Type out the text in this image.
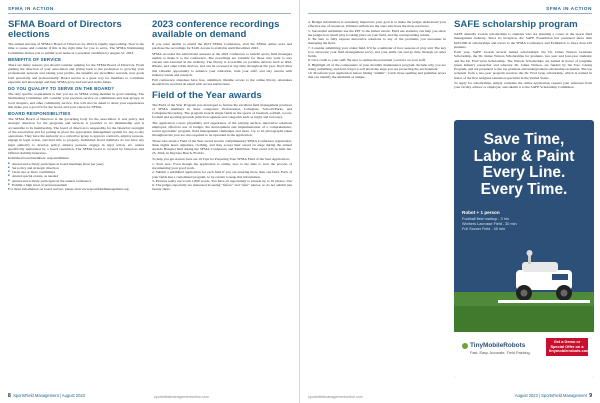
SFMA IN ACTION
SFMA Board of Directors elections

The annual election of SFMA's Board of Directors for 2024 is rapidly approaching. Now is the time to pause and consider if this is the right time for you to serve. The SFMA Nominating Committee invites you to submit your name as a potential candidate by August 31, 2023.

BENEFITS OF SERVICE

There are many reasons you should consider running for the SFMA Board of Directors. From guiding the direction of your association and giving back to the profession to growing your professional network and raising your profile, the benefits are incredible: rewards, new goals both personally and professionally. Board service is a great way for members to contribute expertise and knowledge and help SFMA grow and succeed in the future.

DO YOU QUALIFY TO SERVE ON THE BOARD?

The only specific requirement is that you are an SFMA voting member in good standing. The Nominating Committee will consider your previous service on committees and task groups, in local chapters, and other community service. You will also be asked to share your experiences that make you a good fit for the board, and your vision for SFMA.

BOARD RESPONSIBILITIES

The SFMA Board of Directors is the governing body for the association. It sets policy and strategic direction for the programs and services it provides to its membership and is accountable to its membership. The board of directors is responsible for the financial oversight of the association and for putting in place the appropriate management system for day-to-day operations. They have the authority as a collective group to approve contracts, employ persons, engage in legal action, and hold title to property. Individual board members do not have any legal authority to develop policy, employ persons, engage in legal action, etc. unless specifically authorized by a board resolution. The SFMA board is covered by Directors and Officers liability insurance.

Individual board members' responsibilities:

■ Attend and actively participate in board meetings (four per year)
■ Set policy and strategic direction
■ Chair one or more committees
■ Attend special events, as needed
■ Attend and actively participate in the annual conference
■ Exhibit a high level of professionalism

For more information on board service, please visit www.sportsfieldmanagement.org.

2023 conference recordings available on demand

If you were unable to attend the 2023 SFMA Conference, visit the SFMA online store and purchase the recordings for $149. Access is available until December 2023.

SFMA recorded the educational sessions at the 2023 conference to benefit sports field managers unable to make it to the conference. The recordings are valuable for those who want to stay current and educated in the industry. The library is accessible on portable devices such as iPad, iPhone, and other tablet devices, and can be accessed at any time throughout the year. Don't miss this valuable opportunity to enhance your education, train your staff, and stay current with industry trends and research.

Full conference attendees have free, unlimited, lifetime access to the online library. Attendees should have received an email with access instructions.

Field of the Year awards

The Field of the Year Program was developed to feature the excellent field management practices of SFMA members in three categories: Professional, Collegiate, Schools/Parks, and Collegiate/Secondary. The program awards single fields in the sports of baseball, softball, soccer, football and sporting grounds (which recognizes and categories such as rugby and lacrosse).

The application covers playability and appearance of the playing surface, innovative solutions employed, effective use of budget, the development and implementation of a comprehensive, sound agronomic program, field management challenges and more. Up to 10 photographs taken throughout the year are also required to be uploaded in the application.

Those who attain a Field of the Year award receive complimentary SFMA Conference registration, three nights hotel, signature, clothing, and they accept their award on stage during the annual Awards Banquet held during the SFMA Conference and Exhibition. That event will be held Jan. 25, 2024, in Daytona Beach, Florida.

To help you get started, here are 10 Tips for Preparing Your SFMA Field of the Year Application:

1. Start now. Even though the application is online, now is the time to start the process of documenting your good work.
2. Submit a submitted application for each field if you are entering more than one field. Each of your fields has a customized program, so be certain to keep that information.
3. Pictures really are worth 1,000 words. You have an opportunity to present up to 10 photos. Use it. The judges especially are interested in seeing "before" and "after" photos, so do not submit just beauty shots.
8 SportsField Management | August 2023	sportsfieldmanagementonline.com
SFMA IN ACTION
4. Budget information is extremely important; your goal is to make the judges understand your effective use of resources. Winners seldom are the ones who have the most resources.
5. Successful submittals use the PPT to the fullest extent. Field use statistics can help you show the judges how much play is taking place on your field, and the corresponding results.
6. Be sure to fully express innovative solutions to any of the problems you encounter in managing the field.
7. Consider submitting your oldest field. It'll be a reminder of how seasons of play add. The key is to showcase your field management savvy, and your skills can and go time through on older fields.
8. Give credit to your staff. Be sure to outline the personnel you have on your staff.
9. Highlight all of the components of your monthly maintenance program. Include why you are doing something, and don't forget to tell about the steps you are protecting the environment.
10. Proofread your application before hitting "submit". Catch those spelling and grammar errors that can identify the submittal as unique.
SAFE scholarship program

SAFE annually awards scholarships to students who are planning a career in the sports field management industry. Since its inception, the SAFE Foundation has presented more than $225,000 in scholarships and travel to the SFMA Conference and Exhibition to more than 235 students.

Each year, SAFE awards several named scholarships: the Dr. James Watson Graduate Scholarship, the Dr. James Watson Scholarships for graduate, two-year and four-year students; and the Dr. Fred Grau Scholarship. The Watson Scholarships are named in honor of longtime green industry researcher and educator Dr. James Watson, are funded by the Toro Giving Program, and are presented to the top graduate and undergraduate scholarship recipients. The top recipient from a two-year program receives the Dr. Fred Grau scholarship, which is named in honor of the first turfgrass extension specialist in the United States.

To apply for scholarships, simply complete the online application, request your reference from your faculty advisor or employer, and submit it to the SAFE Scholarship Committee.

Save Time, Labor & Paint Every Line. Every Time.
Robot + 1 person
Football field markup - 3 hrs
Workers Lacrosse Field - 30 min
Full Soccer Field - 45 min
TinyMobileRobots
Fast. Easy. Accurate. Field Painting.
Get a Demo or Special Offer on a tinymobilerobots.com
sportsfieldmanagementonline.com	August 2023 | SportsField Management 9
